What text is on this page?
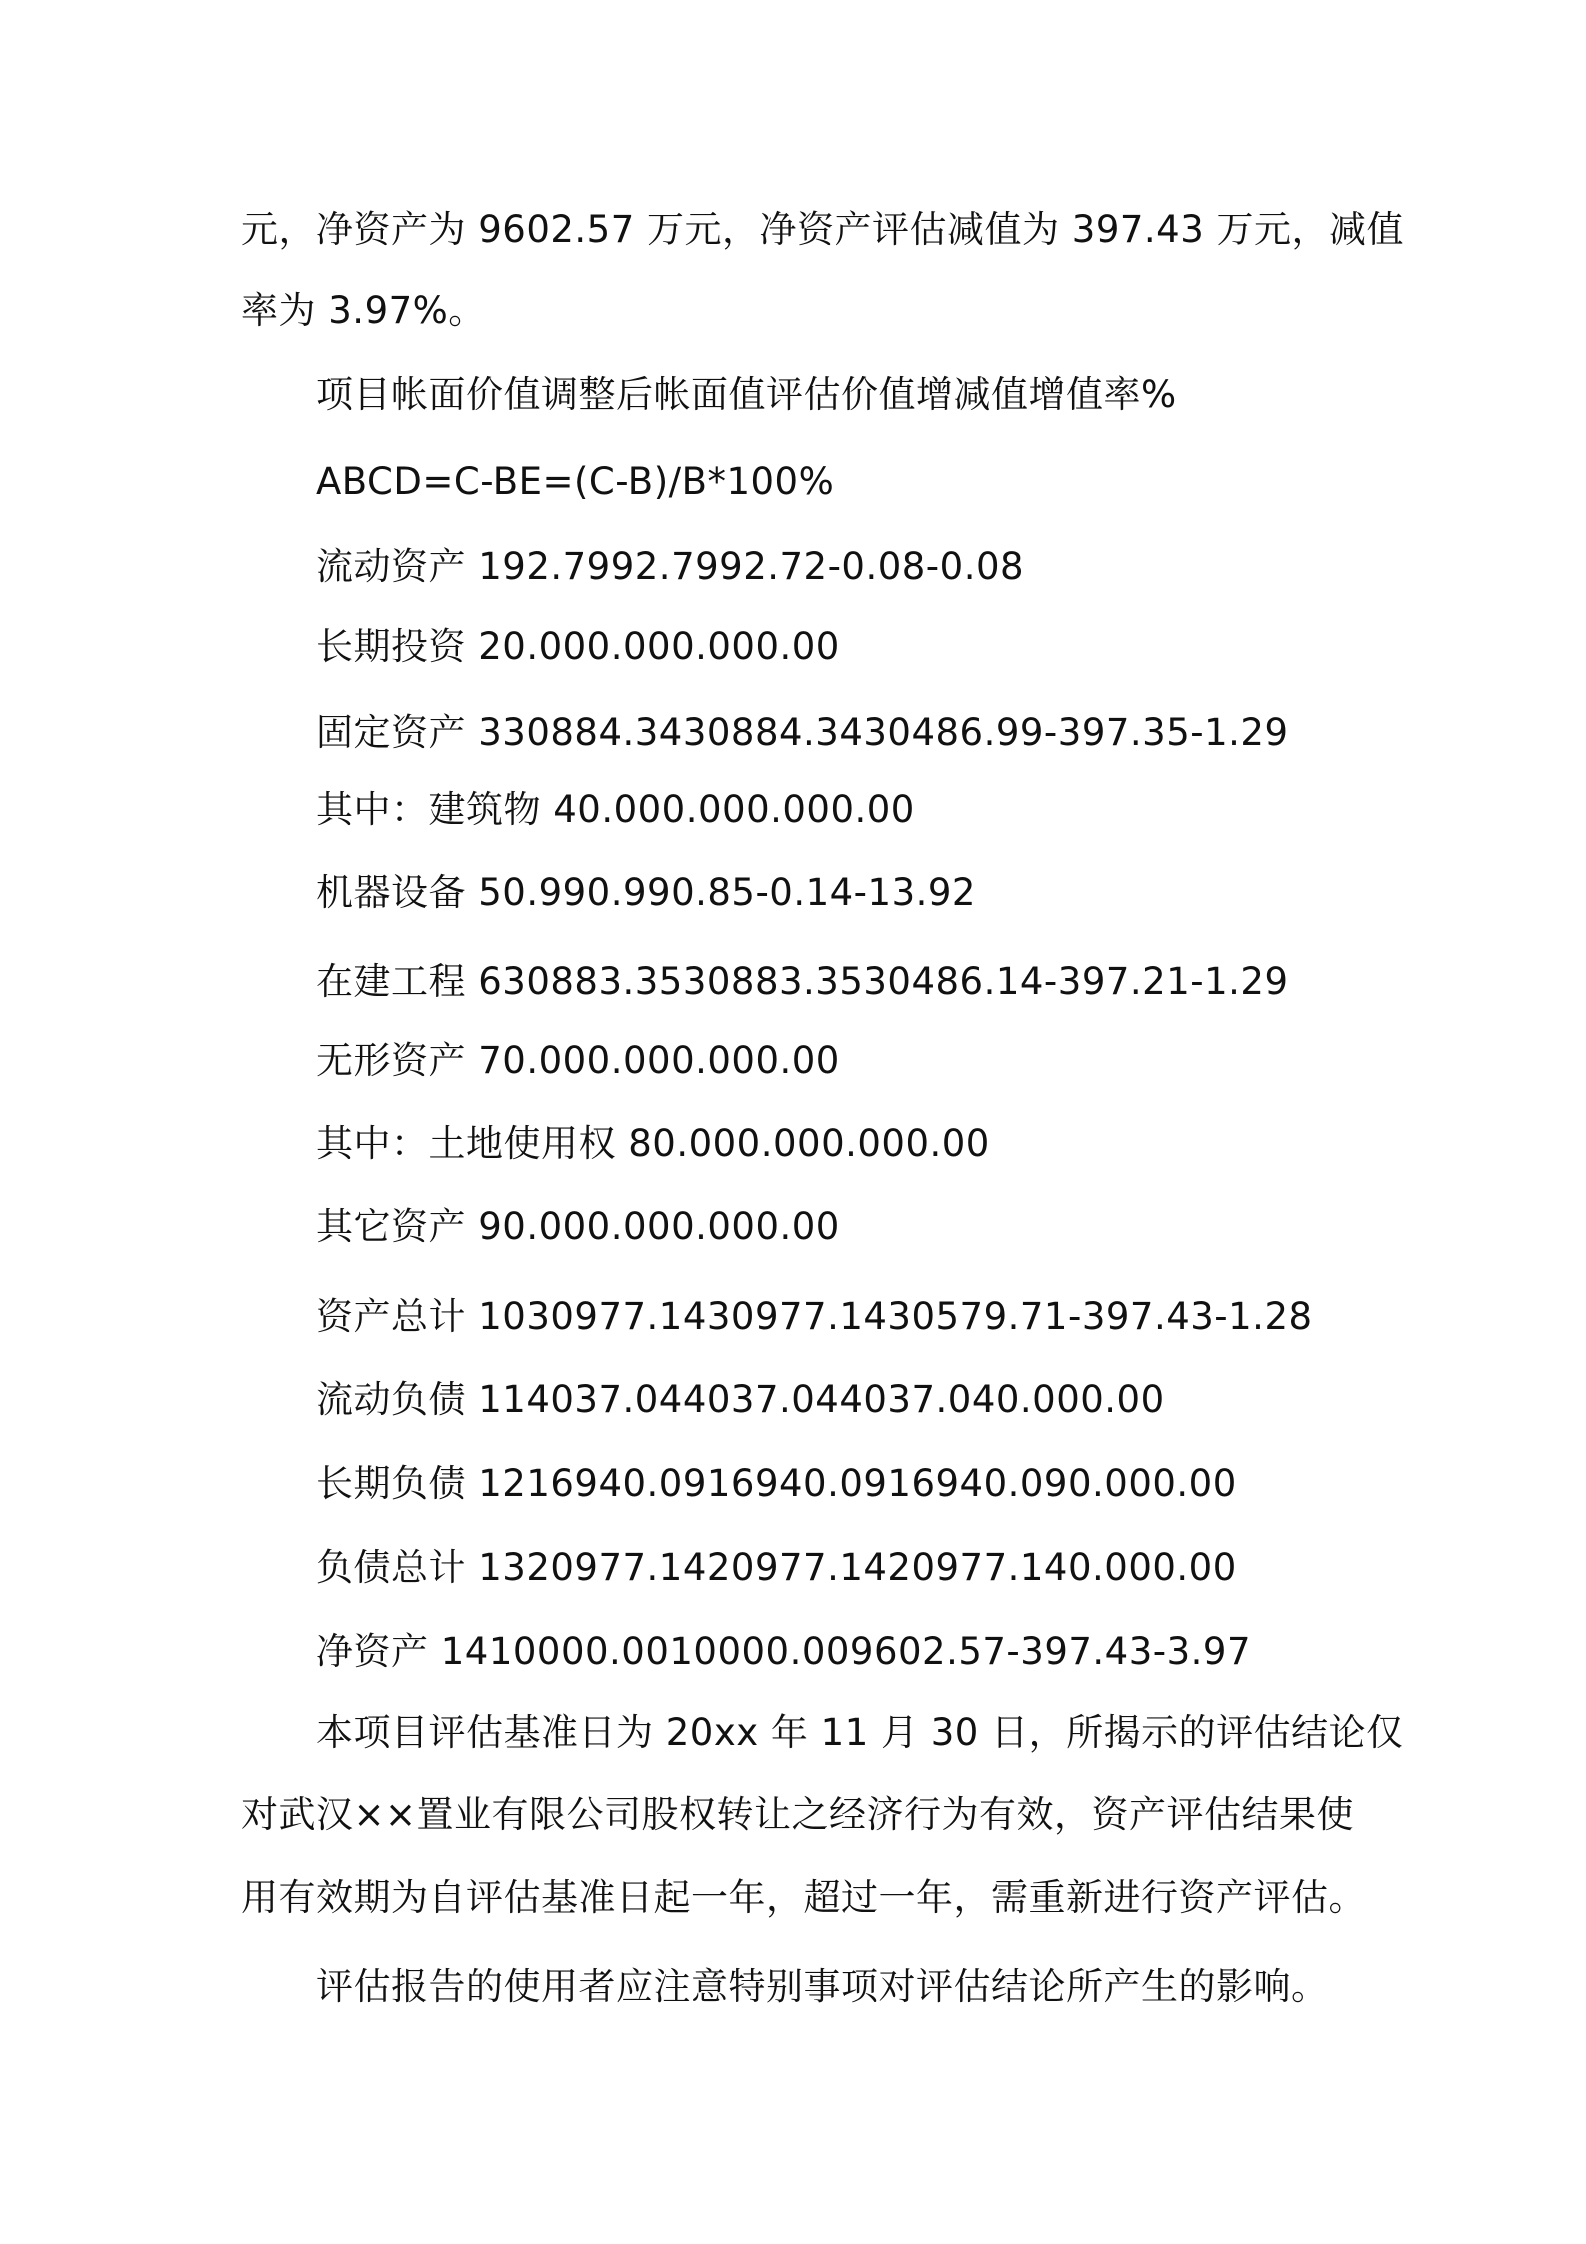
元，净资产为 9602.57 万元，净资产评估减值为 397.43 万元，减值
率为 3.97%。
项目帐面价值调整后帐面值评估价值增减值增值率%
ABCD=C-BE=(C-B)/B*100%
流动资产 192.7992.7992.72-0.08-0.08
长期投资 20.000.000.000.00
固定资产 330884.3430884.3430486.99-397.35-1.29
其中：建筑物 40.000.000.000.00
机器设备 50.990.990.85-0.14-13.92
在建工程 630883.3530883.3530486.14-397.21-1.29
无形资产 70.000.000.000.00
其中：土地使用权 80.000.000.000.00
其它资产 90.000.000.000.00
资产总计 1030977.1430977.1430579.71-397.43-1.28
流动负债 114037.044037.044037.040.000.00
长期负债 1216940.0916940.0916940.090.000.00
负债总计 1320977.1420977.1420977.140.000.00
净资产 1410000.0010000.009602.57-397.43-3.97
本项目评估基准日为 20xx 年 11 月 30 日，所揭示的评估结论仅
对武汉××置业有限公司股权转让之经济行为有效，资产评估结果使
用有效期为自评估基准日起一年，超过一年，需重新进行资产评估。
评估报告的使用者应注意特别事项对评估结论所产生的影响。
